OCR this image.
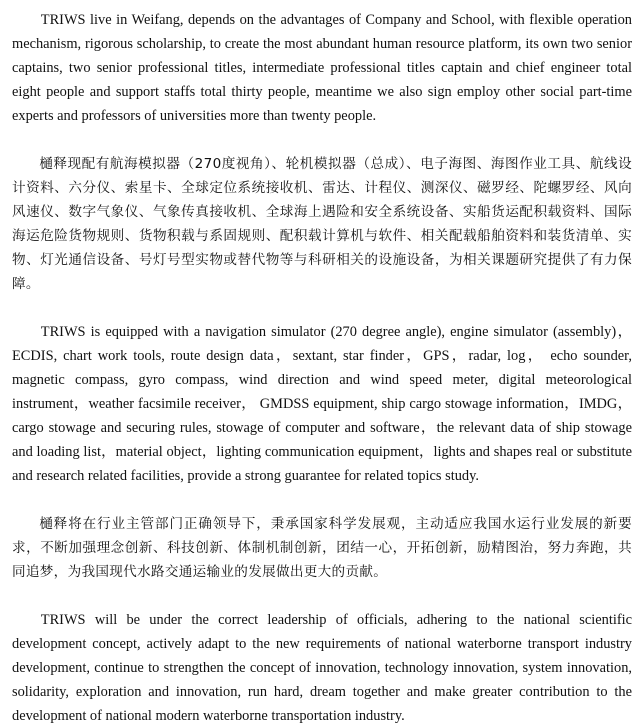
TRIWS live in Weifang, depends on the advantages of Company and School, with flexible operation mechanism, rigorous scholarship, to create the most abundant human resource platform, its own two senior captains, two senior professional titles, intermediate professional titles captain and chief engineer total eight people and support staffs total thirty people, meantime we also sign employ other social part-time experts and professors of universities more than twenty people.

樋释现配有航海模拟器（270度视角）、轮机模拟器（总成）、电子海图、海图作业工具、航线设计资料、六分仪、索星卡、全球定位系统接收机、雷达、计程仪、测深仪、磁罗经、陀螺罗经、风向风速仪、数字气象仪、气象传真接收机、全球海上遇险和安全系统设备、实船货运配积载资料、国际海运危险货物规则、货物积载与系固规则、配积载计算机与软件、相关配载船舶资料和装货清单、实物、灯光通信设备、号灯号型实物或替代物等与科研相关的设施设备，为相关课题研究提供了有力保障。

TRIWS is equipped with a navigation simulator (270 degree angle), engine simulator (assembly)，ECDIS, chart work tools, route design data，sextant, star finder，GPS，radar, log， echo sounder, magnetic compass, gyro compass, wind direction and wind speed meter, digital meteorological instrument，weather facsimile receiver， GMDSS equipment, ship cargo stowage information，IMDG，cargo stowage and securing rules, stowage of computer and software，the relevant data of ship stowage and loading list，material object，lighting communication equipment，lights and shapes real or substitute and research related facilities, provide a strong guarantee for related topics study.

樋释将在行业主管部门正确领导下，秉承国家科学发展观，主动适应我国水运行业发展的新要求，不断加强理念创新、科技创新、体制机制创新，团结一心，开拓创新，励精图治，努力奔跑，共同追梦，为我国现代水路交通运输业的发展做出更大的贡献。

TRIWS will be under the correct leadership of officials, adhering to the national scientific development concept, actively adapt to the new requirements of national waterborne transport industry development, continue to strengthen the concept of innovation, technology innovation, system innovation, solidarity, exploration and innovation, run hard, dream together and make greater contribution to the development of national modern waterborne transportation industry.
